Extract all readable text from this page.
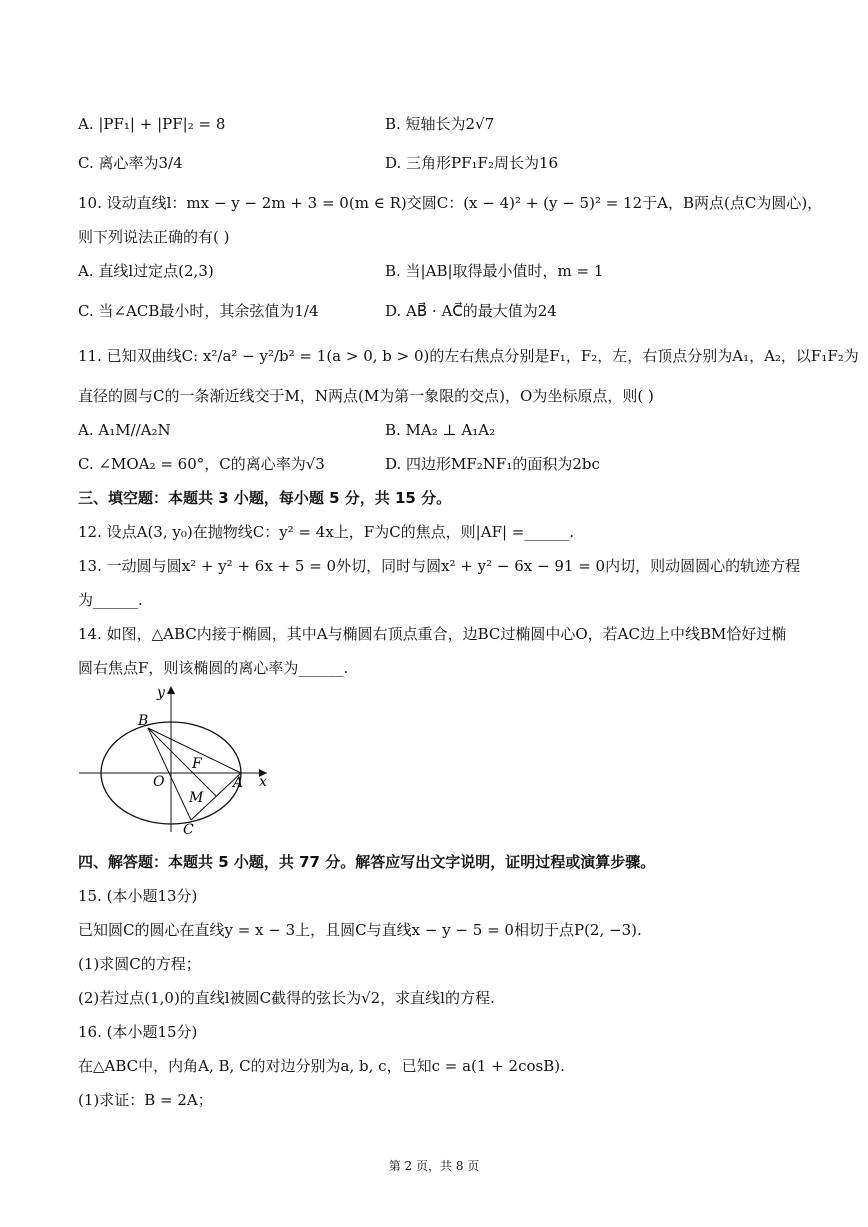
A. |PF₁| + |PF|₂ = 8	B. 短轴长为2√7
C. 离心率为3/4	D. 三角形PF₁F₂周长为16
10. 设动直线l：mx − y − 2m + 3 = 0(m ∈ R)交圆C：(x − 4)² + (y − 5)² = 12于A，B两点(点C为圆心)，
则下列说法正确的有( )
A. 直线l过定点(2,3)	B. 当|AB|取得最小值时，m = 1
C. 当∠ACB最小时，其余弦值为1/4	D. AB⃗ · AC⃗的最大值为24
11. 已知双曲线C: x²/a² − y²/b² = 1(a > 0, b > 0)的左右焦点分别是F₁，F₂，左，右顶点分别为A₁，A₂，以F₁F₂为
直径的圆与C的一条渐近线交于M，N两点(M为第一象限的交点)，O为坐标原点，则( )
A. A₁M//A₂N	B. MA₂ ⊥ A₁A₂
C. ∠MOA₂ = 60°，C的离心率为√3	D. 四边形MF₂NF₁的面积为2bc
三、填空题：本题共 3 小题，每小题 5 分，共 15 分。
12. 设点A(3, y₀)在抛物线C：y² = 4x上，F为C的焦点，则|AF| =______.
13. 一动圆与圆x² + y² + 6x + 5 = 0外切，同时与圆x² + y² − 6x − 91 = 0内切，则动圆圆心的轨迹方程
为______.
14. 如图，△ABC内接于椭圆，其中A与椭圆右顶点重合，边BC过椭圆中心O，若AC边上中线BM恰好过椭
圆右焦点F，则该椭圆的离心率为______.
y
x
B
O
F
A
M
C
四、解答题：本题共 5 小题，共 77 分。解答应写出文字说明，证明过程或演算步骤。
15. (本小题13分)
已知圆C的圆心在直线y = x − 3上，且圆C与直线x − y − 5 = 0相切于点P(2, −3).
(1)求圆C的方程；
(2)若过点(1,0)的直线l被圆C截得的弦长为√2，求直线l的方程.
16. (本小题15分)
在△ABC中，内角A, B, C的对边分别为a, b, c，已知c = a(1 + 2cosB).
(1)求证：B = 2A；
第 2 页，共 8 页
